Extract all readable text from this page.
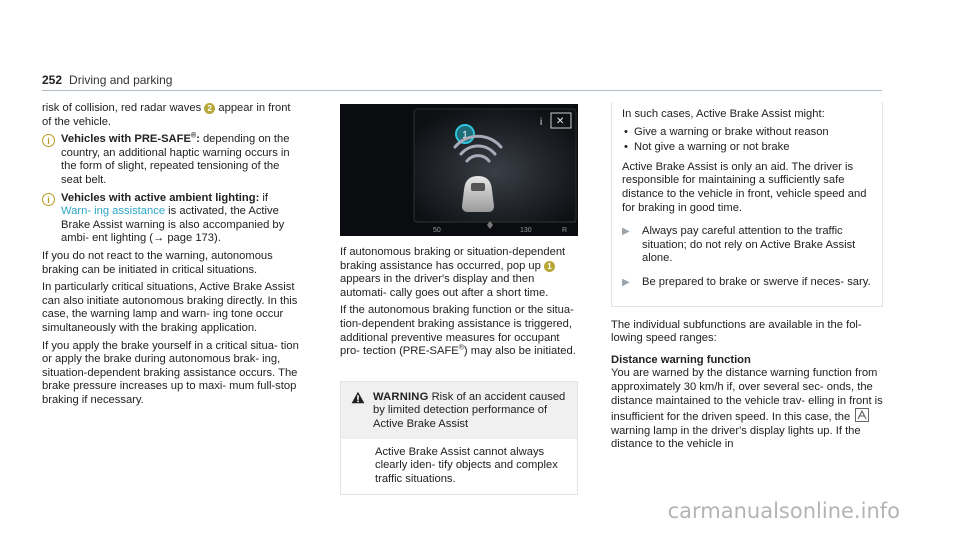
252 Driving and parking

risk of collision, red radar waves 2 appear in front of the vehicle.

i	Vehicles with PRE-SAFE®: depending on the country, an additional haptic warning occurs in the form of slight, repeated tensioning of the seat belt.
i	Vehicles with active ambient lighting: if Warn- ing assistance is activated, the Active Brake Assist warning is also accompanied by ambi- ent lighting (→ page 173).

If you do not react to the warning, autonomous braking can be initiated in critical situations.

In particularly critical situations, Active Brake Assist can also initiate autonomous braking directly. In this case, the warning lamp and warn- ing tone occur simultaneously with the braking application.

If you apply the brake yourself in a critical situa- tion or apply the brake during autonomous brak- ing, situation-dependent braking assistance occurs. The brake pressure increases up to maxi- mum full-stop braking if necessary.

i ✕
1
50	130	R

If autonomous braking or situation-dependent braking assistance has occurred, pop up 1 appears in the driver's display and then automati- cally goes out after a short time.

If the autonomous braking function or the situa- tion-dependent braking assistance is triggered, additional preventive measures for occupant pro- tection (PRE-SAFE®) may also be initiated.

WARNING Risk of an accident caused by limited detection performance of Active Brake Assist
Active Brake Assist cannot always clearly iden- tify objects and complex traffic situations.

In such cases, Active Brake Assist might:

• Give a warning or brake without reason
• Not give a warning or not brake

Active Brake Assist is only an aid. The driver is responsible for maintaining a sufficiently safe distance to the vehicle in front, vehicle speed and for braking in good time.

▶	Always pay careful attention to the traffic situation; do not rely on Active Brake Assist alone.
▶	Be prepared to brake or swerve if neces- sary.

The individual subfunctions are available in the fol- lowing speed ranges:

Distance warning function

You are warned by the distance warning function from approximately 30 km/h if, over several sec- onds, the distance maintained to the vehicle trav- elling in front is insufficient for the driven speed. In this case, the
warning lamp in the driver's display lights up. If the distance to the vehicle in

carmanualsonline.info
